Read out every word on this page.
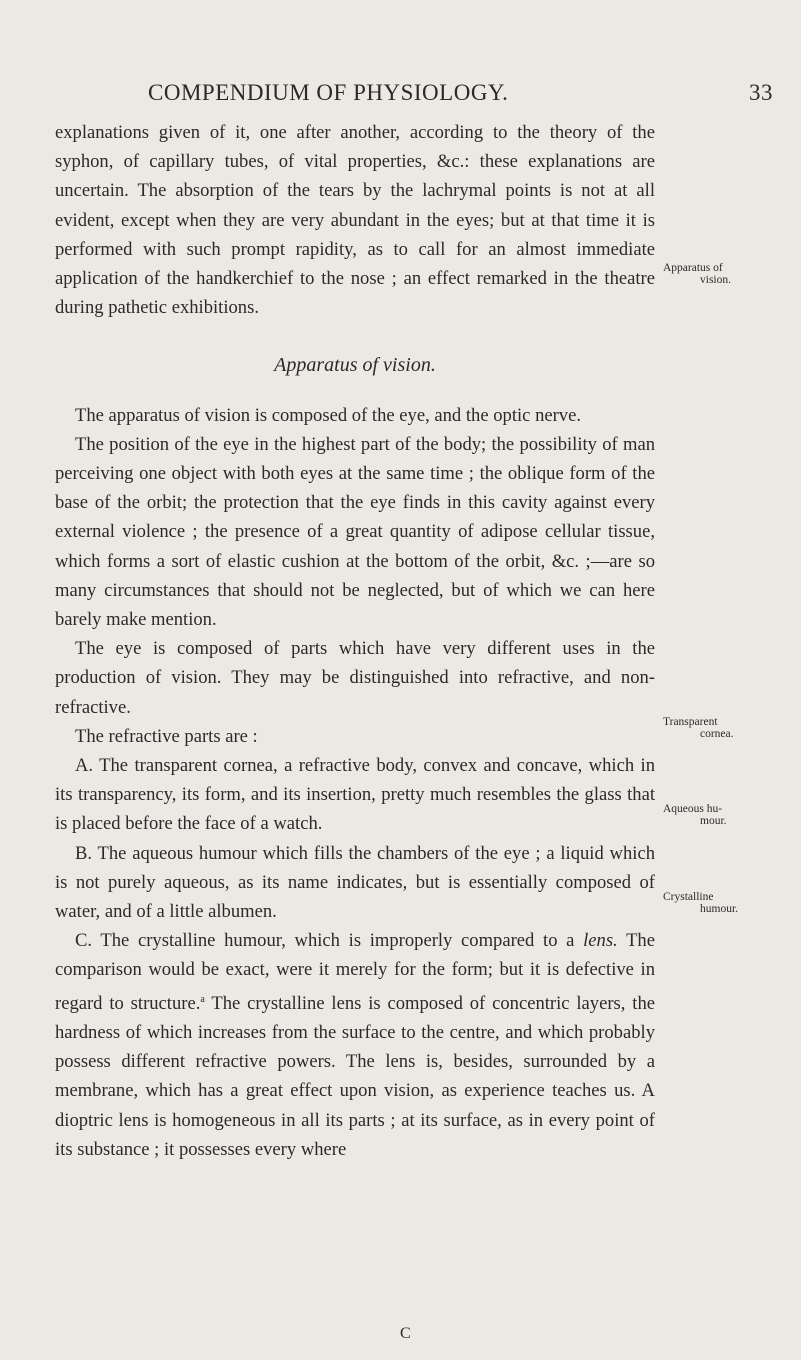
COMPENDIUM OF PHYSIOLOGY.	33

explanations given of it, one after another, according to the theory of the syphon, of capillary tubes, of vital properties, &c.: these explanations are uncertain. The absorption of the tears by the lachrymal points is not at all evident, except when they are very abundant in the eyes; but at that time it is performed with such prompt rapidity, as to call for an almost immediate application of the handkerchief to the nose ; an effect remarked in the theatre during pathetic exhibitions.

Apparatus of vision.

The apparatus of vision is composed of the eye, and the optic nerve.

The position of the eye in the highest part of the body; the possibility of man perceiving one object with both eyes at the same time ; the oblique form of the base of the orbit; the protection that the eye finds in this cavity against every external violence ; the presence of a great quantity of adipose cellular tissue, which forms a sort of elastic cushion at the bottom of the orbit, &c. ;—are so many circumstances that should not be neglected, but of which we can here barely make mention.

The eye is composed of parts which have very different uses in the production of vision. They may be distinguished into refractive, and non-refractive.

The refractive parts are :

A. The transparent cornea, a refractive body, convex and concave, which in its transparency, its form, and its insertion, pretty much resembles the glass that is placed before the face of a watch.

B. The aqueous humour which fills the chambers of the eye ; a liquid which is not purely aqueous, as its name indicates, but is essentially composed of water, and of a little albumen.

C. The crystalline humour, which is improperly compared to a lens. The comparison would be exact, were it merely for the form; but it is defective in regard to structure.$^a$ The crystalline lens is composed of concentric layers, the hardness of which increases from the surface to the centre, and which probably possess different refractive powers. The lens is, besides, surrounded by a membrane, which has a great effect upon vision, as experience teaches us. A dioptric lens is homogeneous in all its parts ; at its surface, as in every point of its substance ; it possesses every where

Apparatus of
vision.
Transparent
cornea.
Aqueous hu-
mour.
Crystalline
humour.
C
